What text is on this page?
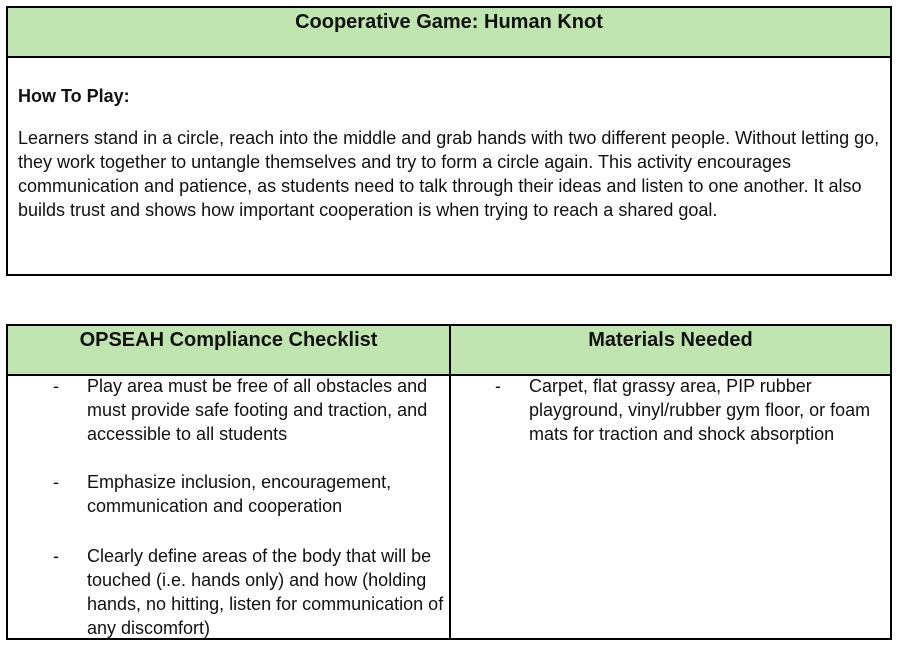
Cooperative Game: Human Knot
How To Play:

Learners stand in a circle, reach into the middle and grab hands with two different people. Without letting go, they work together to untangle themselves and try to form a circle again. This activity encourages communication and patience, as students need to talk through their ideas and listen to one another. It also builds trust and shows how important cooperation is when trying to reach a shared goal.

OPSEAH Compliance Checklist	Materials Needed
- Play area must be free of all obstacles and must provide safe footing and traction, and accessible to all students
- Emphasize inclusion, encouragement, communication and cooperation
- Clearly define areas of the body that will be touched (i.e. hands only) and how (holding hands, no hitting, listen for communication of any discomfort)
- Carpet, flat grassy area, PIP rubber playground, vinyl/rubber gym floor, or foam mats for traction and shock absorption
